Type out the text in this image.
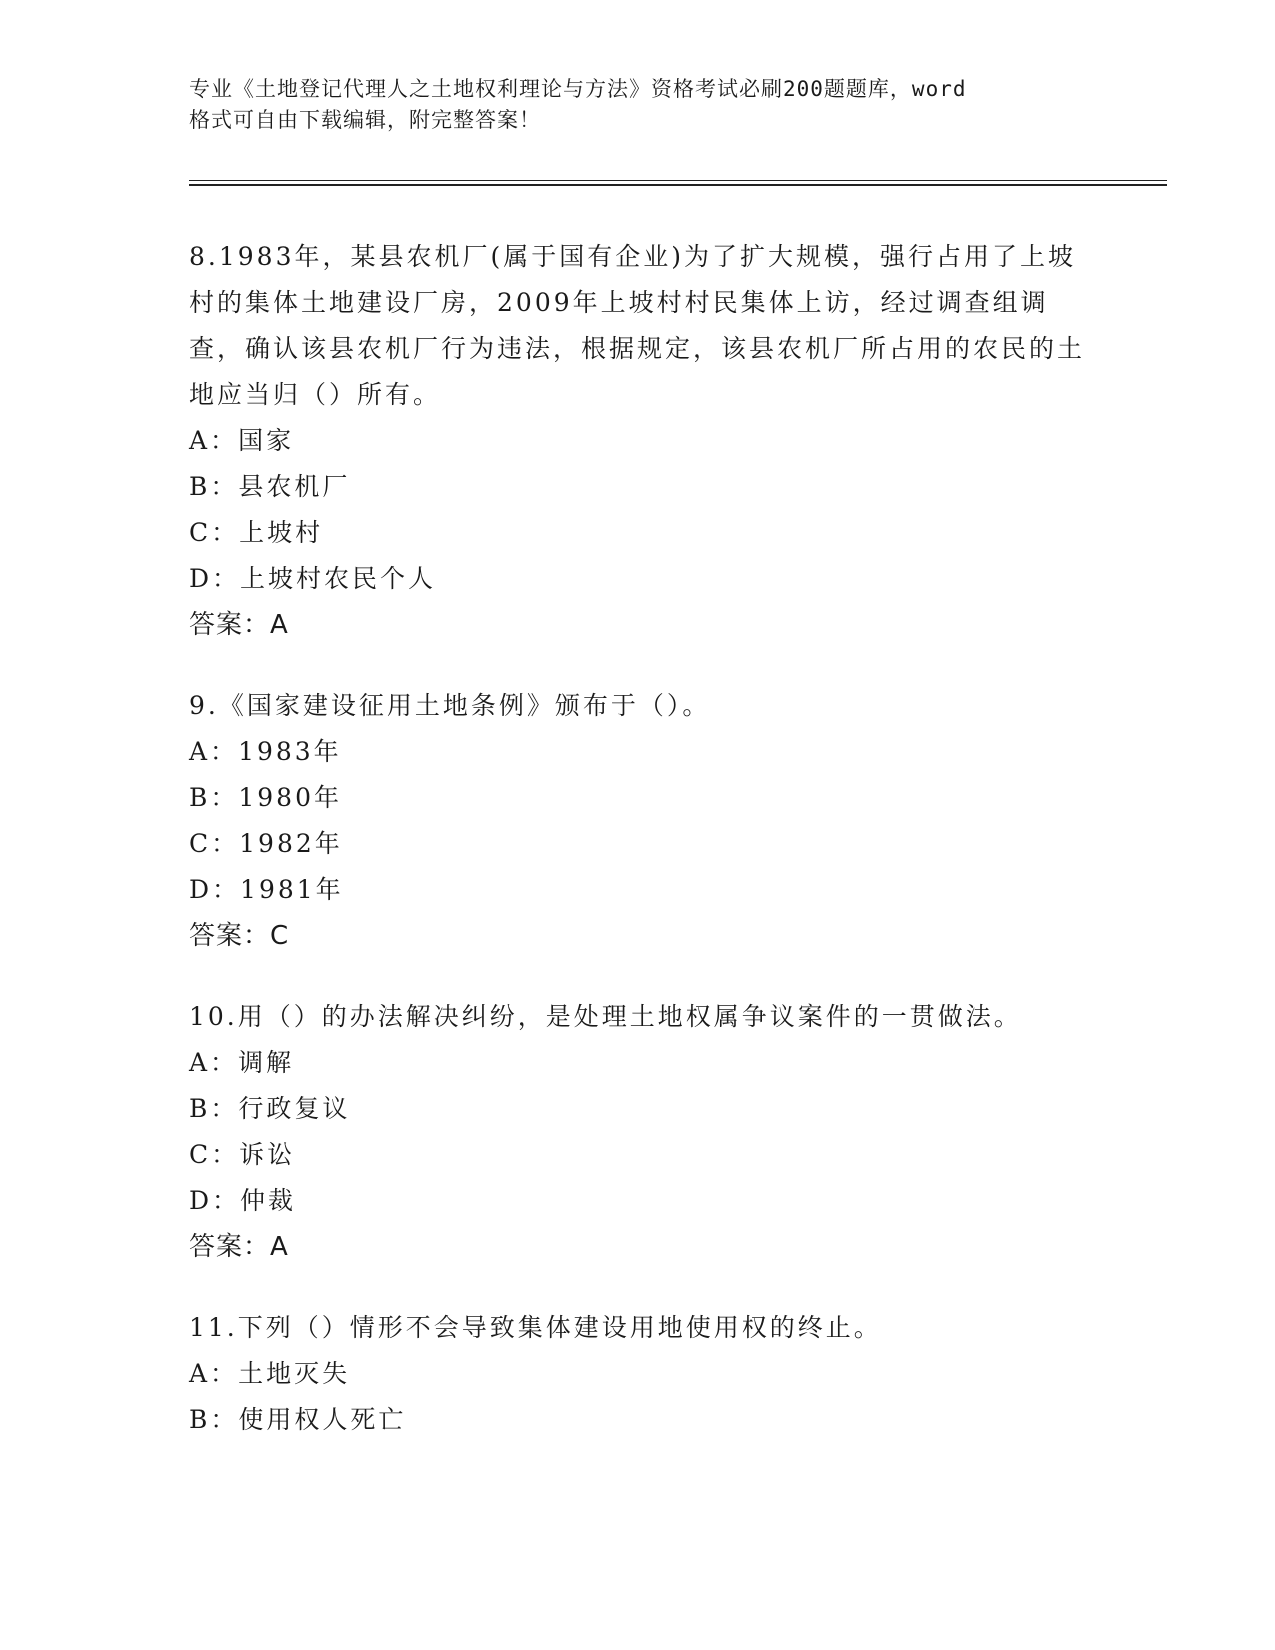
专业《土地登记代理人之土地权利理论与方法》资格考试必刷200题题库，word
格式可自由下载编辑，附完整答案！

8.1983年，某县农机厂(属于国有企业)为了扩大规模，强行占用了上坡村的集体土地建设厂房，2009年上坡村村民集体上访，经过调查组调查，确认该县农机厂行为违法，根据规定，该县农机厂所占用的农民的土地应当归（）所有。

A：国家

B：县农机厂

C：上坡村

D：上坡村农民个人

答案：A

9.《国家建设征用土地条例》颁布于（）。

A：1983年

B：1980年

C：1982年

D：1981年

答案：C

10.用（）的办法解决纠纷，是处理土地权属争议案件的一贯做法。

A：调解

B：行政复议

C：诉讼

D：仲裁

答案：A

11.下列（）情形不会导致集体建设用地使用权的终止。

A：土地灭失

B：使用权人死亡
